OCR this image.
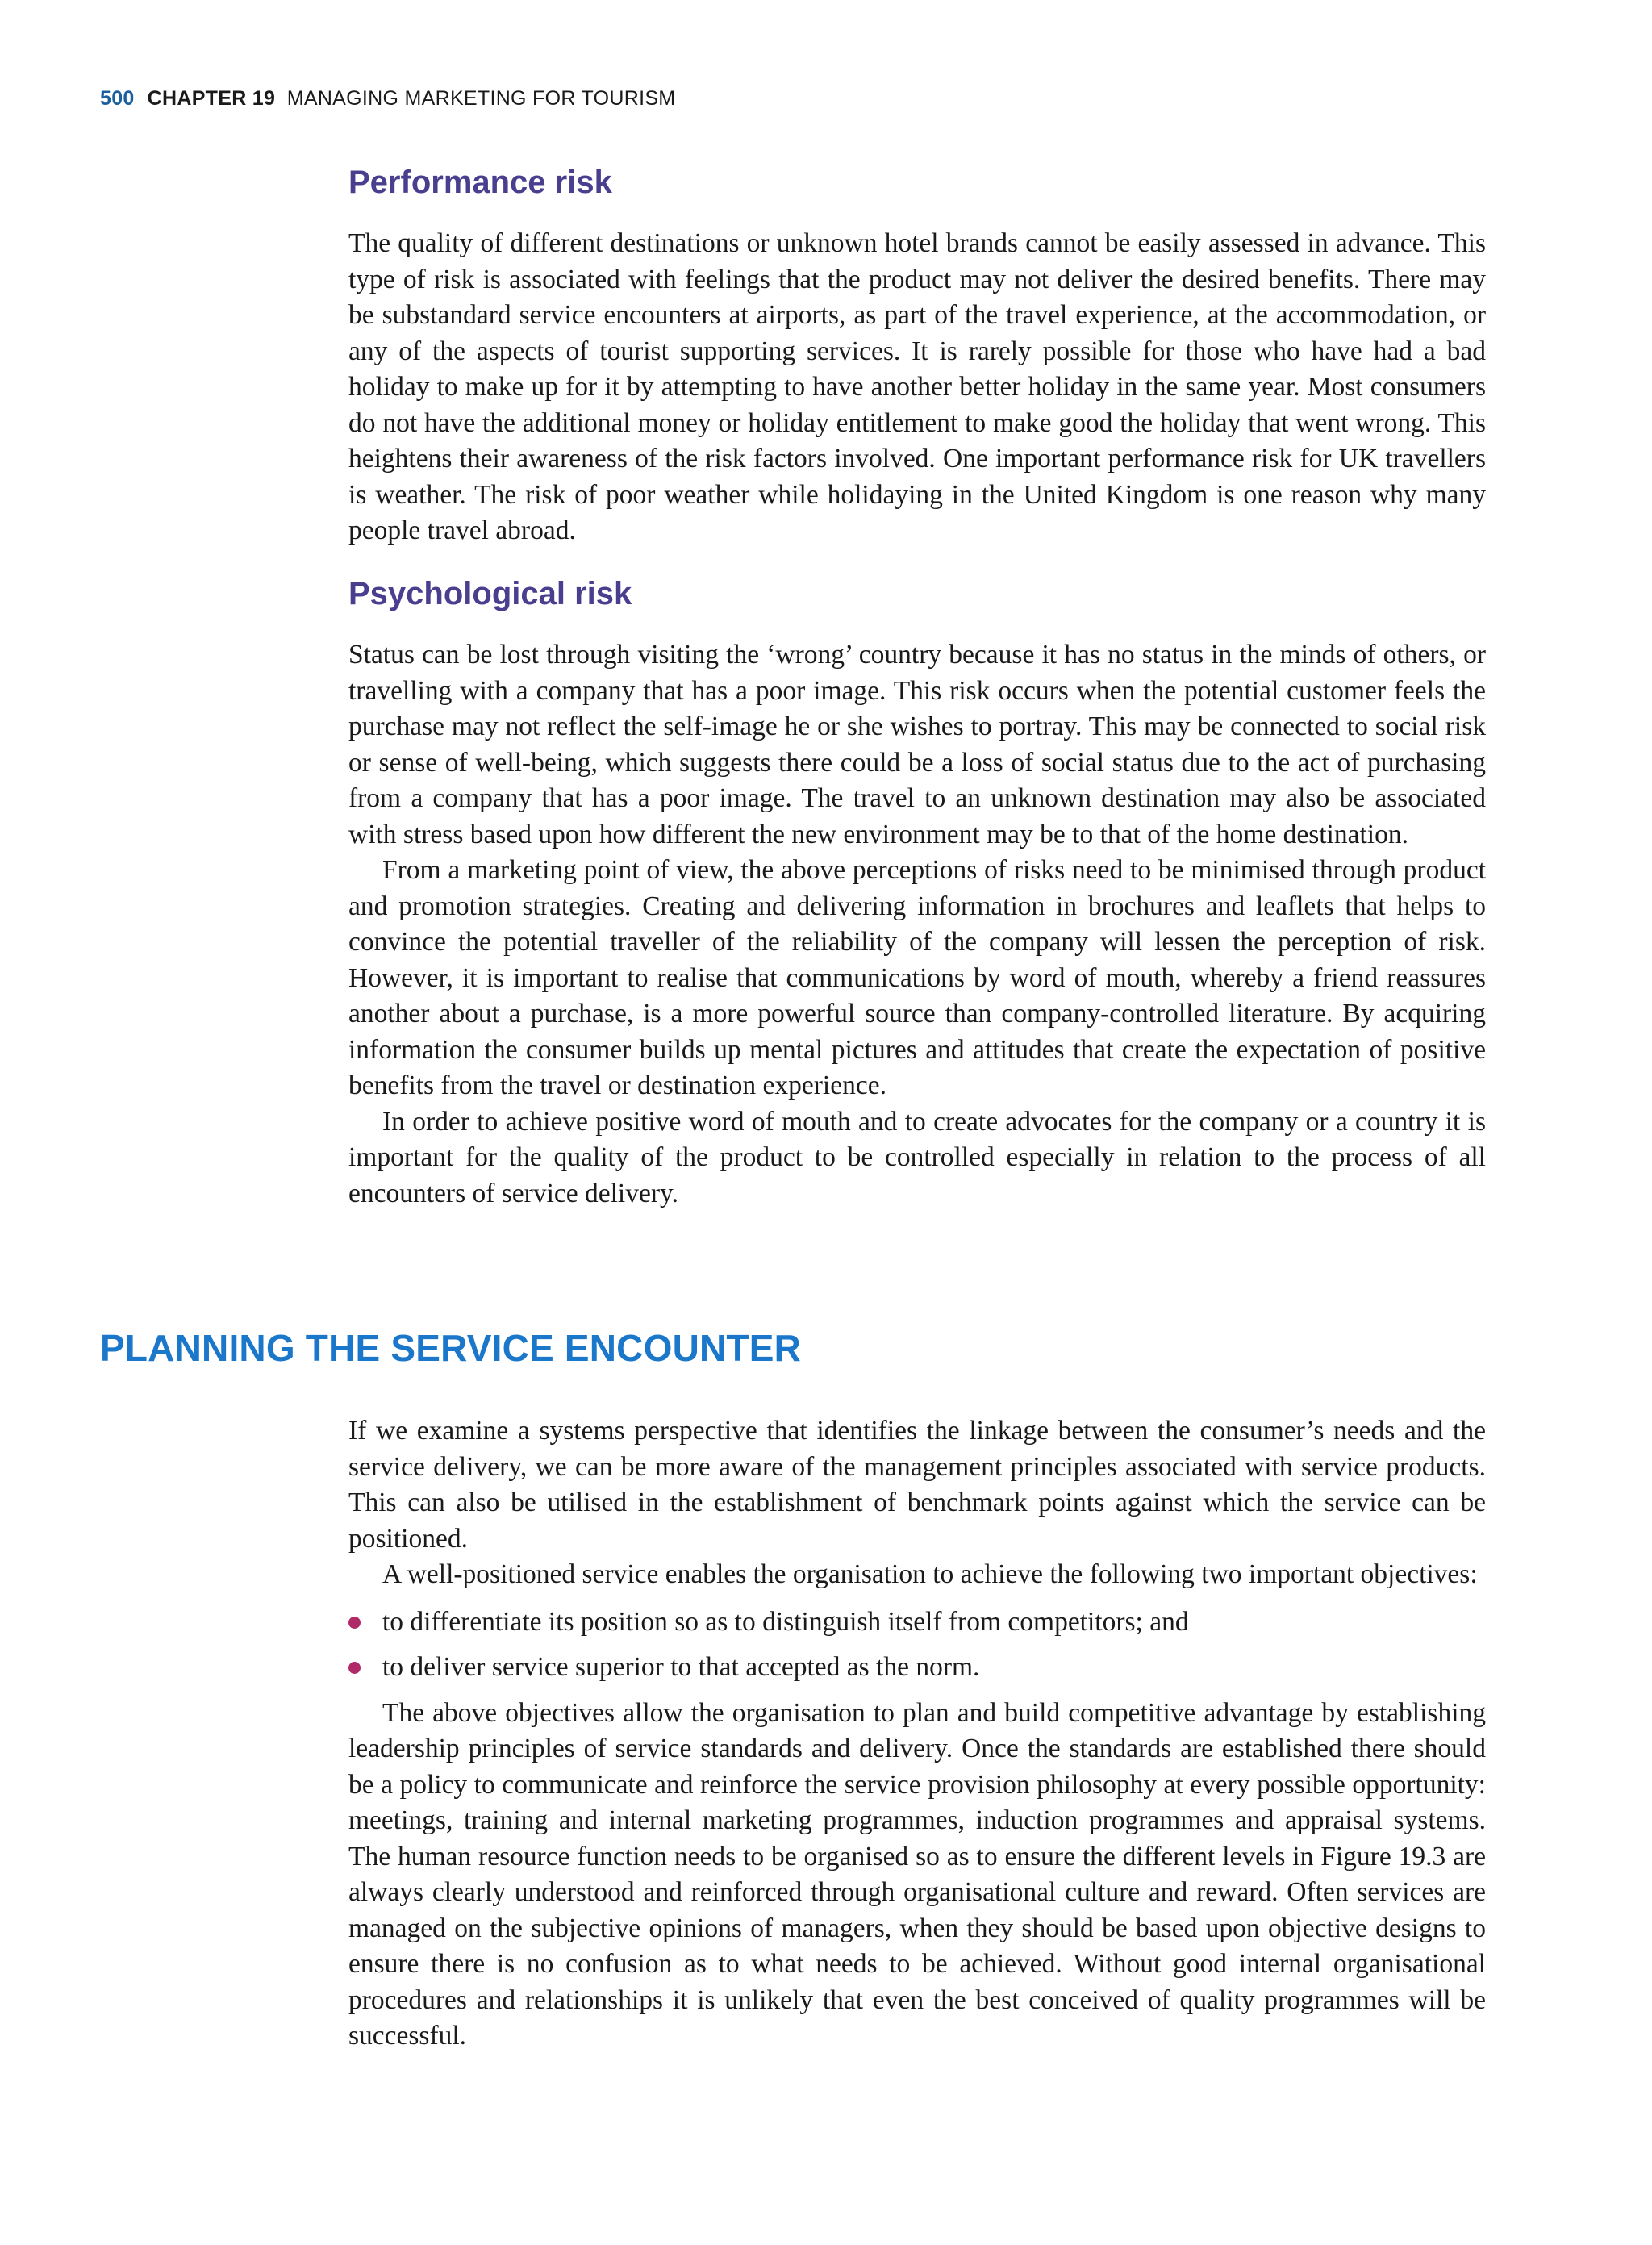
500 CHAPTER 19 MANAGING MARKETING FOR TOURISM
Performance risk

The quality of different destinations or unknown hotel brands cannot be easily assessed in advance. This type of risk is associated with feelings that the product may not deliver the desired benefits. There may be substandard service encounters at airports, as part of the travel experience, at the accommodation, or any of the aspects of tourist supporting services. It is rarely possible for those who have had a bad holiday to make up for it by attempting to have another better holiday in the same year. Most consumers do not have the additional money or holiday entitlement to make good the holiday that went wrong. This heightens their awareness of the risk factors involved. One important performance risk for UK travellers is weather. The risk of poor weather while holidaying in the United Kingdom is one reason why many people travel abroad.

Psychological risk

Status can be lost through visiting the ‘wrong’ country because it has no status in the minds of others, or travelling with a company that has a poor image. This risk occurs when the potential customer feels the purchase may not reflect the self-image he or she wishes to portray. This may be connected to social risk or sense of well-being, which suggests there could be a loss of social status due to the act of purchasing from a company that has a poor image. The travel to an unknown destination may also be associated with stress based upon how different the new environment may be to that of the home destination.

From a marketing point of view, the above perceptions of risks need to be minimised through product and promotion strategies. Creating and delivering information in brochures and leaflets that helps to convince the potential traveller of the reliability of the company will lessen the perception of risk. However, it is important to realise that communications by word of mouth, whereby a friend reassures another about a purchase, is a more powerful source than company-controlled literature. By acquiring information the consumer builds up mental pictures and attitudes that create the expectation of positive benefits from the travel or destination experience.

In order to achieve positive word of mouth and to create advocates for the company or a country it is important for the quality of the product to be controlled especially in relation to the process of all encounters of service delivery.

PLANNING THE SERVICE ENCOUNTER

If we examine a systems perspective that identifies the linkage between the consumer’s needs and the service delivery, we can be more aware of the management principles associated with service products. This can also be utilised in the establishment of benchmark points against which the service can be positioned.

A well-positioned service enables the organisation to achieve the following two important objectives:

to differentiate its position so as to distinguish itself from competitors; and
to deliver service superior to that accepted as the norm.

The above objectives allow the organisation to plan and build competitive advantage by establishing leadership principles of service standards and delivery. Once the standards are established there should be a policy to communicate and reinforce the service provision philosophy at every possible opportunity: meetings, training and internal marketing programmes, induction programmes and appraisal systems. The human resource function needs to be organised so as to ensure the different levels in Figure 19.3 are always clearly understood and reinforced through organisational culture and reward. Often services are managed on the subjective opinions of managers, when they should be based upon objective designs to ensure there is no confusion as to what needs to be achieved. Without good internal organisational procedures and relationships it is unlikely that even the best conceived of quality programmes will be successful.
